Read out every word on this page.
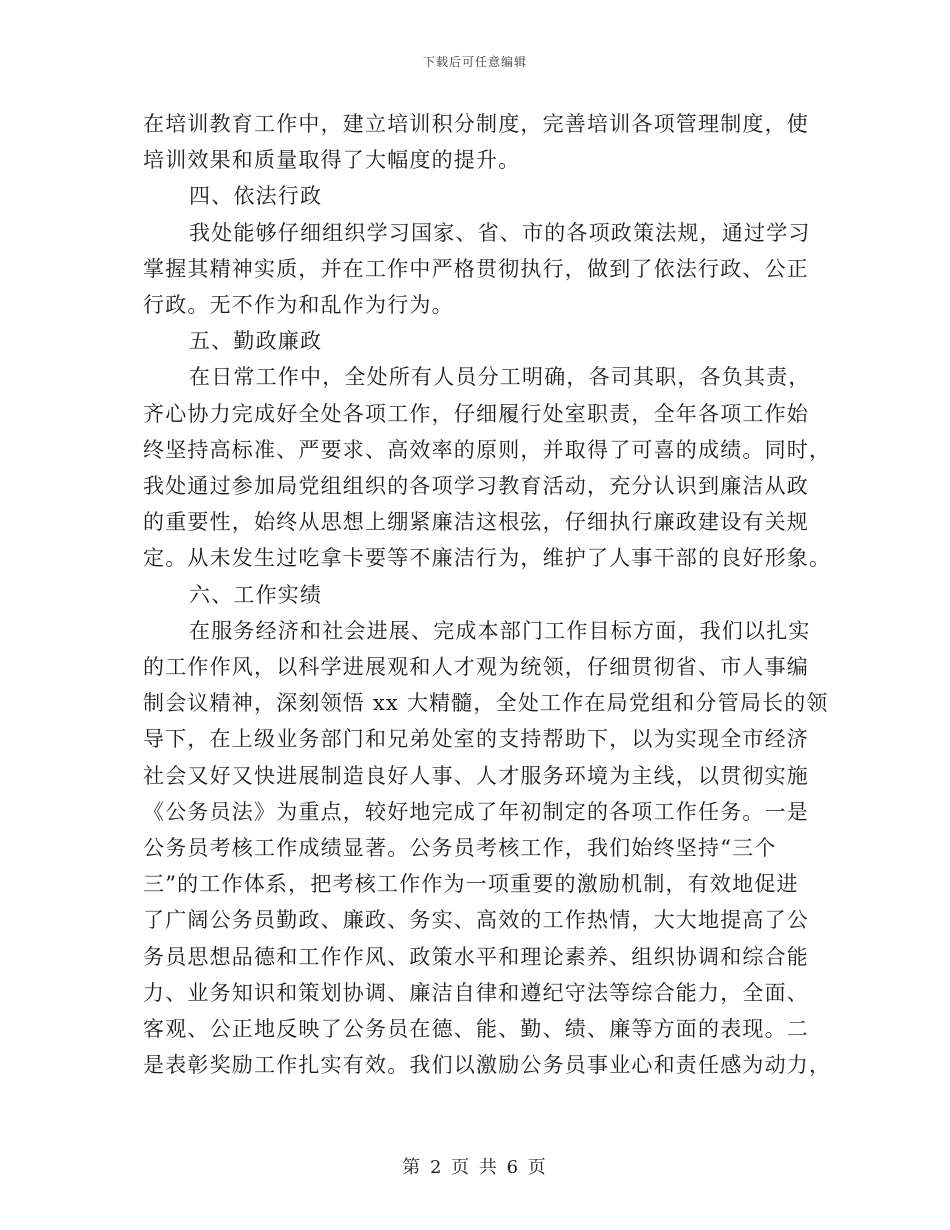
下载后可任意编辑
在培训教育工作中，建立培训积分制度，完善培训各项管理制度，使
培训效果和质量取得了大幅度的提升。
四、依法行政
我处能够仔细组织学习国家、省、市的各项政策法规，通过学习
掌握其精神实质，并在工作中严格贯彻执行，做到了依法行政、公正
行政。无不作为和乱作为行为。
五、勤政廉政
在日常工作中，全处所有人员分工明确，各司其职，各负其责，
齐心协力完成好全处各项工作，仔细履行处室职责，全年各项工作始
终坚持高标准、严要求、高效率的原则，并取得了可喜的成绩。同时，
我处通过参加局党组组织的各项学习教育活动，充分认识到廉洁从政
的重要性，始终从思想上绷紧廉洁这根弦，仔细执行廉政建设有关规
定。从未发生过吃拿卡要等不廉洁行为，维护了人事干部的良好形象。
六、工作实绩
在服务经济和社会进展、完成本部门工作目标方面，我们以扎实
的工作作风，以科学进展观和人才观为统领，仔细贯彻省、市人事编
制会议精神，深刻领悟 xx 大精髓，全处工作在局党组和分管局长的领
导下，在上级业务部门和兄弟处室的支持帮助下，以为实现全市经济
社会又好又快进展制造良好人事、人才服务环境为主线，以贯彻实施
《公务员法》为重点，较好地完成了年初制定的各项工作任务。一是
公务员考核工作成绩显著。公务员考核工作，我们始终坚持“三个
三”的工作体系，把考核工作作为一项重要的激励机制，有效地促进
了广阔公务员勤政、廉政、务实、高效的工作热情，大大地提高了公
务员思想品德和工作作风、政策水平和理论素养、组织协调和综合能
力、业务知识和策划协调、廉洁自律和遵纪守法等综合能力，全面、
客观、公正地反映了公务员在德、能、勤、绩、廉等方面的表现。二
是表彰奖励工作扎实有效。我们以激励公务员事业心和责任感为动力，
第 2 页 共 6 页
